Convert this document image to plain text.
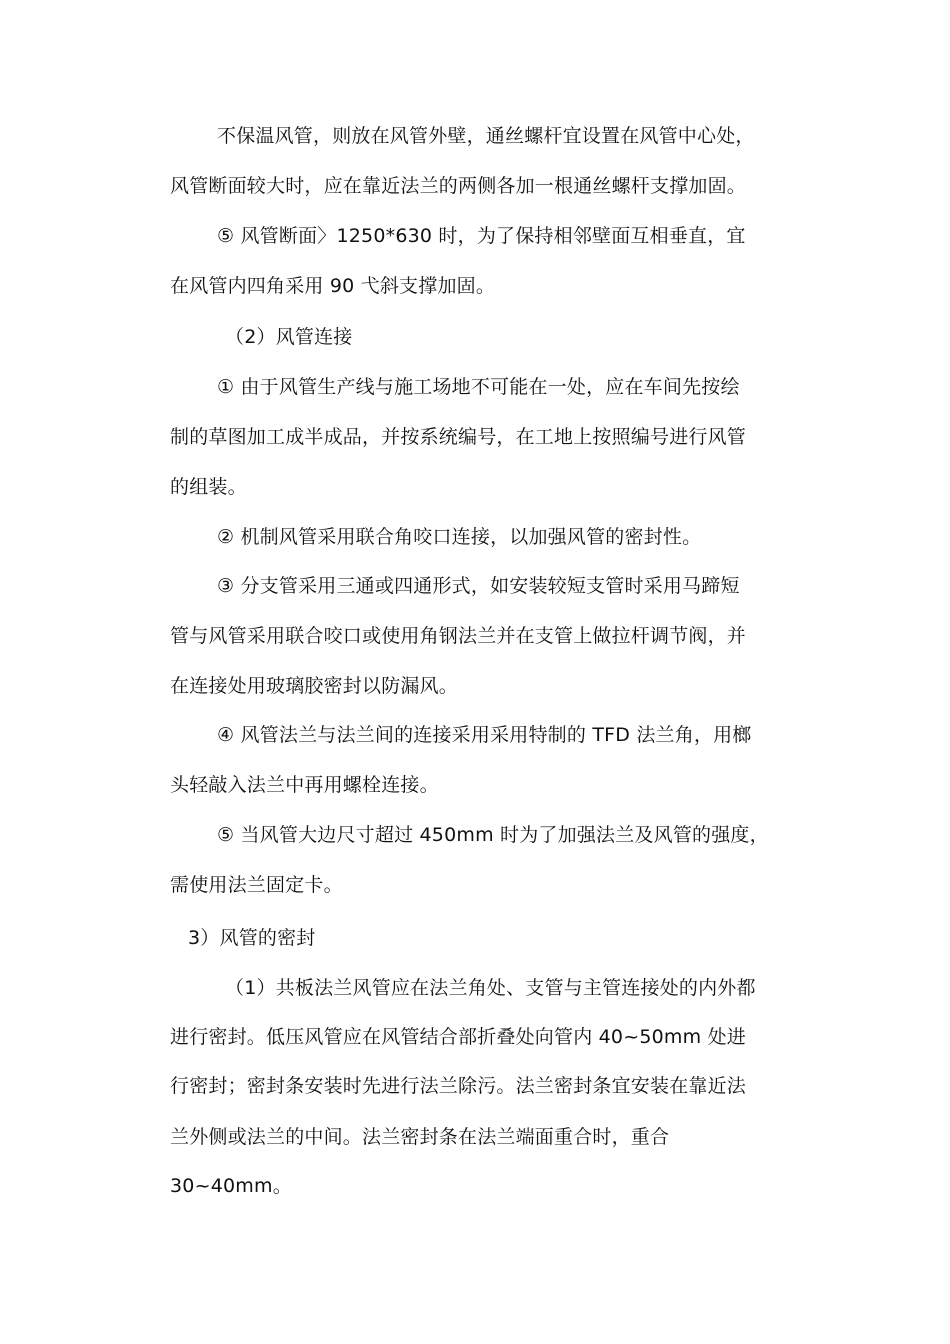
不保温风管，则放在风管外壁，通丝螺杆宜设置在风管中心处，
风管断面较大时，应在靠近法兰的两侧各加一根通丝螺杆支撑加固。
⑤ 风管断面〉1250*630 时，为了保持相邻壁面互相垂直，宜
在风管内四角采用 90 弋斜支撑加固。
（2）风管连接
① 由于风管生产线与施工场地不可能在一处，应在车间先按绘
制的草图加工成半成品，并按系统编号，在工地上按照编号进行风管
的组装。
② 机制风管采用联合角咬口连接，以加强风管的密封性。
③ 分支管采用三通或四通形式，如安装较短支管时采用马蹄短
管与风管采用联合咬口或使用角钢法兰并在支管上做拉杆调节阀，并
在连接处用玻璃胶密封以防漏风。
④ 风管法兰与法兰间的连接采用采用特制的 TFD 法兰角，用榔
头轻敲入法兰中再用螺栓连接。
⑤ 当风管大边尺寸超过 450mm 时为了加强法兰及风管的强度，
需使用法兰固定卡。
3）风管的密封
（1）共板法兰风管应在法兰角处、支管与主管连接处的内外都
进行密封。低压风管应在风管结合部折叠处向管内 40~50mm 处进
行密封；密封条安装时先进行法兰除污。法兰密封条宜安装在靠近法
兰外侧或法兰的中间。法兰密封条在法兰端面重合时，重合
30~40mm。
